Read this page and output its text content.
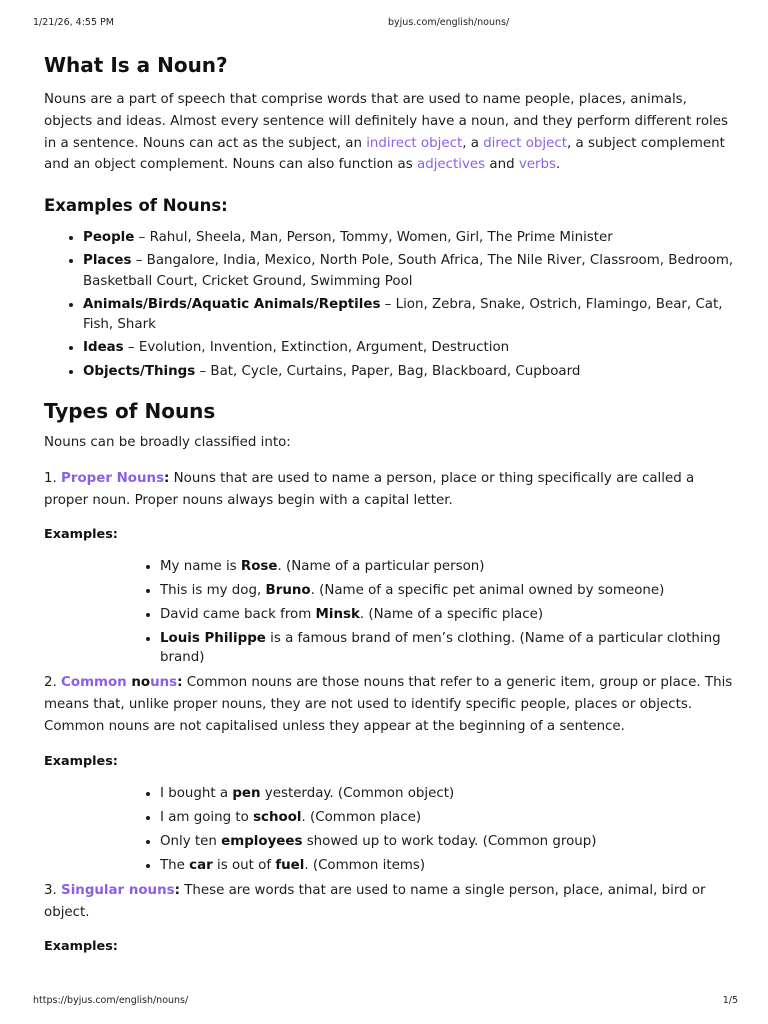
1/21/26, 4:55 PM	byjus.com/english/nouns/
What Is a Noun?

Nouns are a part of speech that comprise words that are used to name people, places, animals, objects and ideas. Almost every sentence will definitely have a noun, and they perform different roles in a sentence. Nouns can act as the subject, an indirect object, a direct object, a subject complement and an object complement. Nouns can also function as adjectives and verbs.

Examples of Nouns:
• People – Rahul, Sheela, Man, Person, Tommy, Women, Girl, The Prime Minister
• Places – Bangalore, India, Mexico, North Pole, South Africa, The Nile River, Classroom, Bedroom, Basketball Court, Cricket Ground, Swimming Pool
• Animals/Birds/Aquatic Animals/Reptiles – Lion, Zebra, Snake, Ostrich, Flamingo, Bear, Cat, Fish, Shark
• Ideas – Evolution, Invention, Extinction, Argument, Destruction
• Objects/Things – Bat, Cycle, Curtains, Paper, Bag, Blackboard, Cupboard
Types of Nouns

Nouns can be broadly classified into:

1. Proper Nouns: Nouns that are used to name a person, place or thing specifically are called a proper noun. Proper nouns always begin with a capital letter.

Examples:
• My name is Rose. (Name of a particular person)
• This is my dog, Bruno. (Name of a specific pet animal owned by someone)
• David came back from Minsk. (Name of a specific place)
• Louis Philippe is a famous brand of men’s clothing. (Name of a particular clothing brand)

2. Common nouns: Common nouns are those nouns that refer to a generic item, group or place. This means that, unlike proper nouns, they are not used to identify specific people, places or objects. Common nouns are not capitalised unless they appear at the beginning of a sentence.

Examples:
• I bought a pen yesterday. (Common object)
• I am going to school. (Common place)
• Only ten employees showed up to work today. (Common group)
• The car is out of fuel. (Common items)

3. Singular nouns: These are words that are used to name a single person, place, animal, bird or object.

Examples:
https://byjus.com/english/nouns/	1/5
